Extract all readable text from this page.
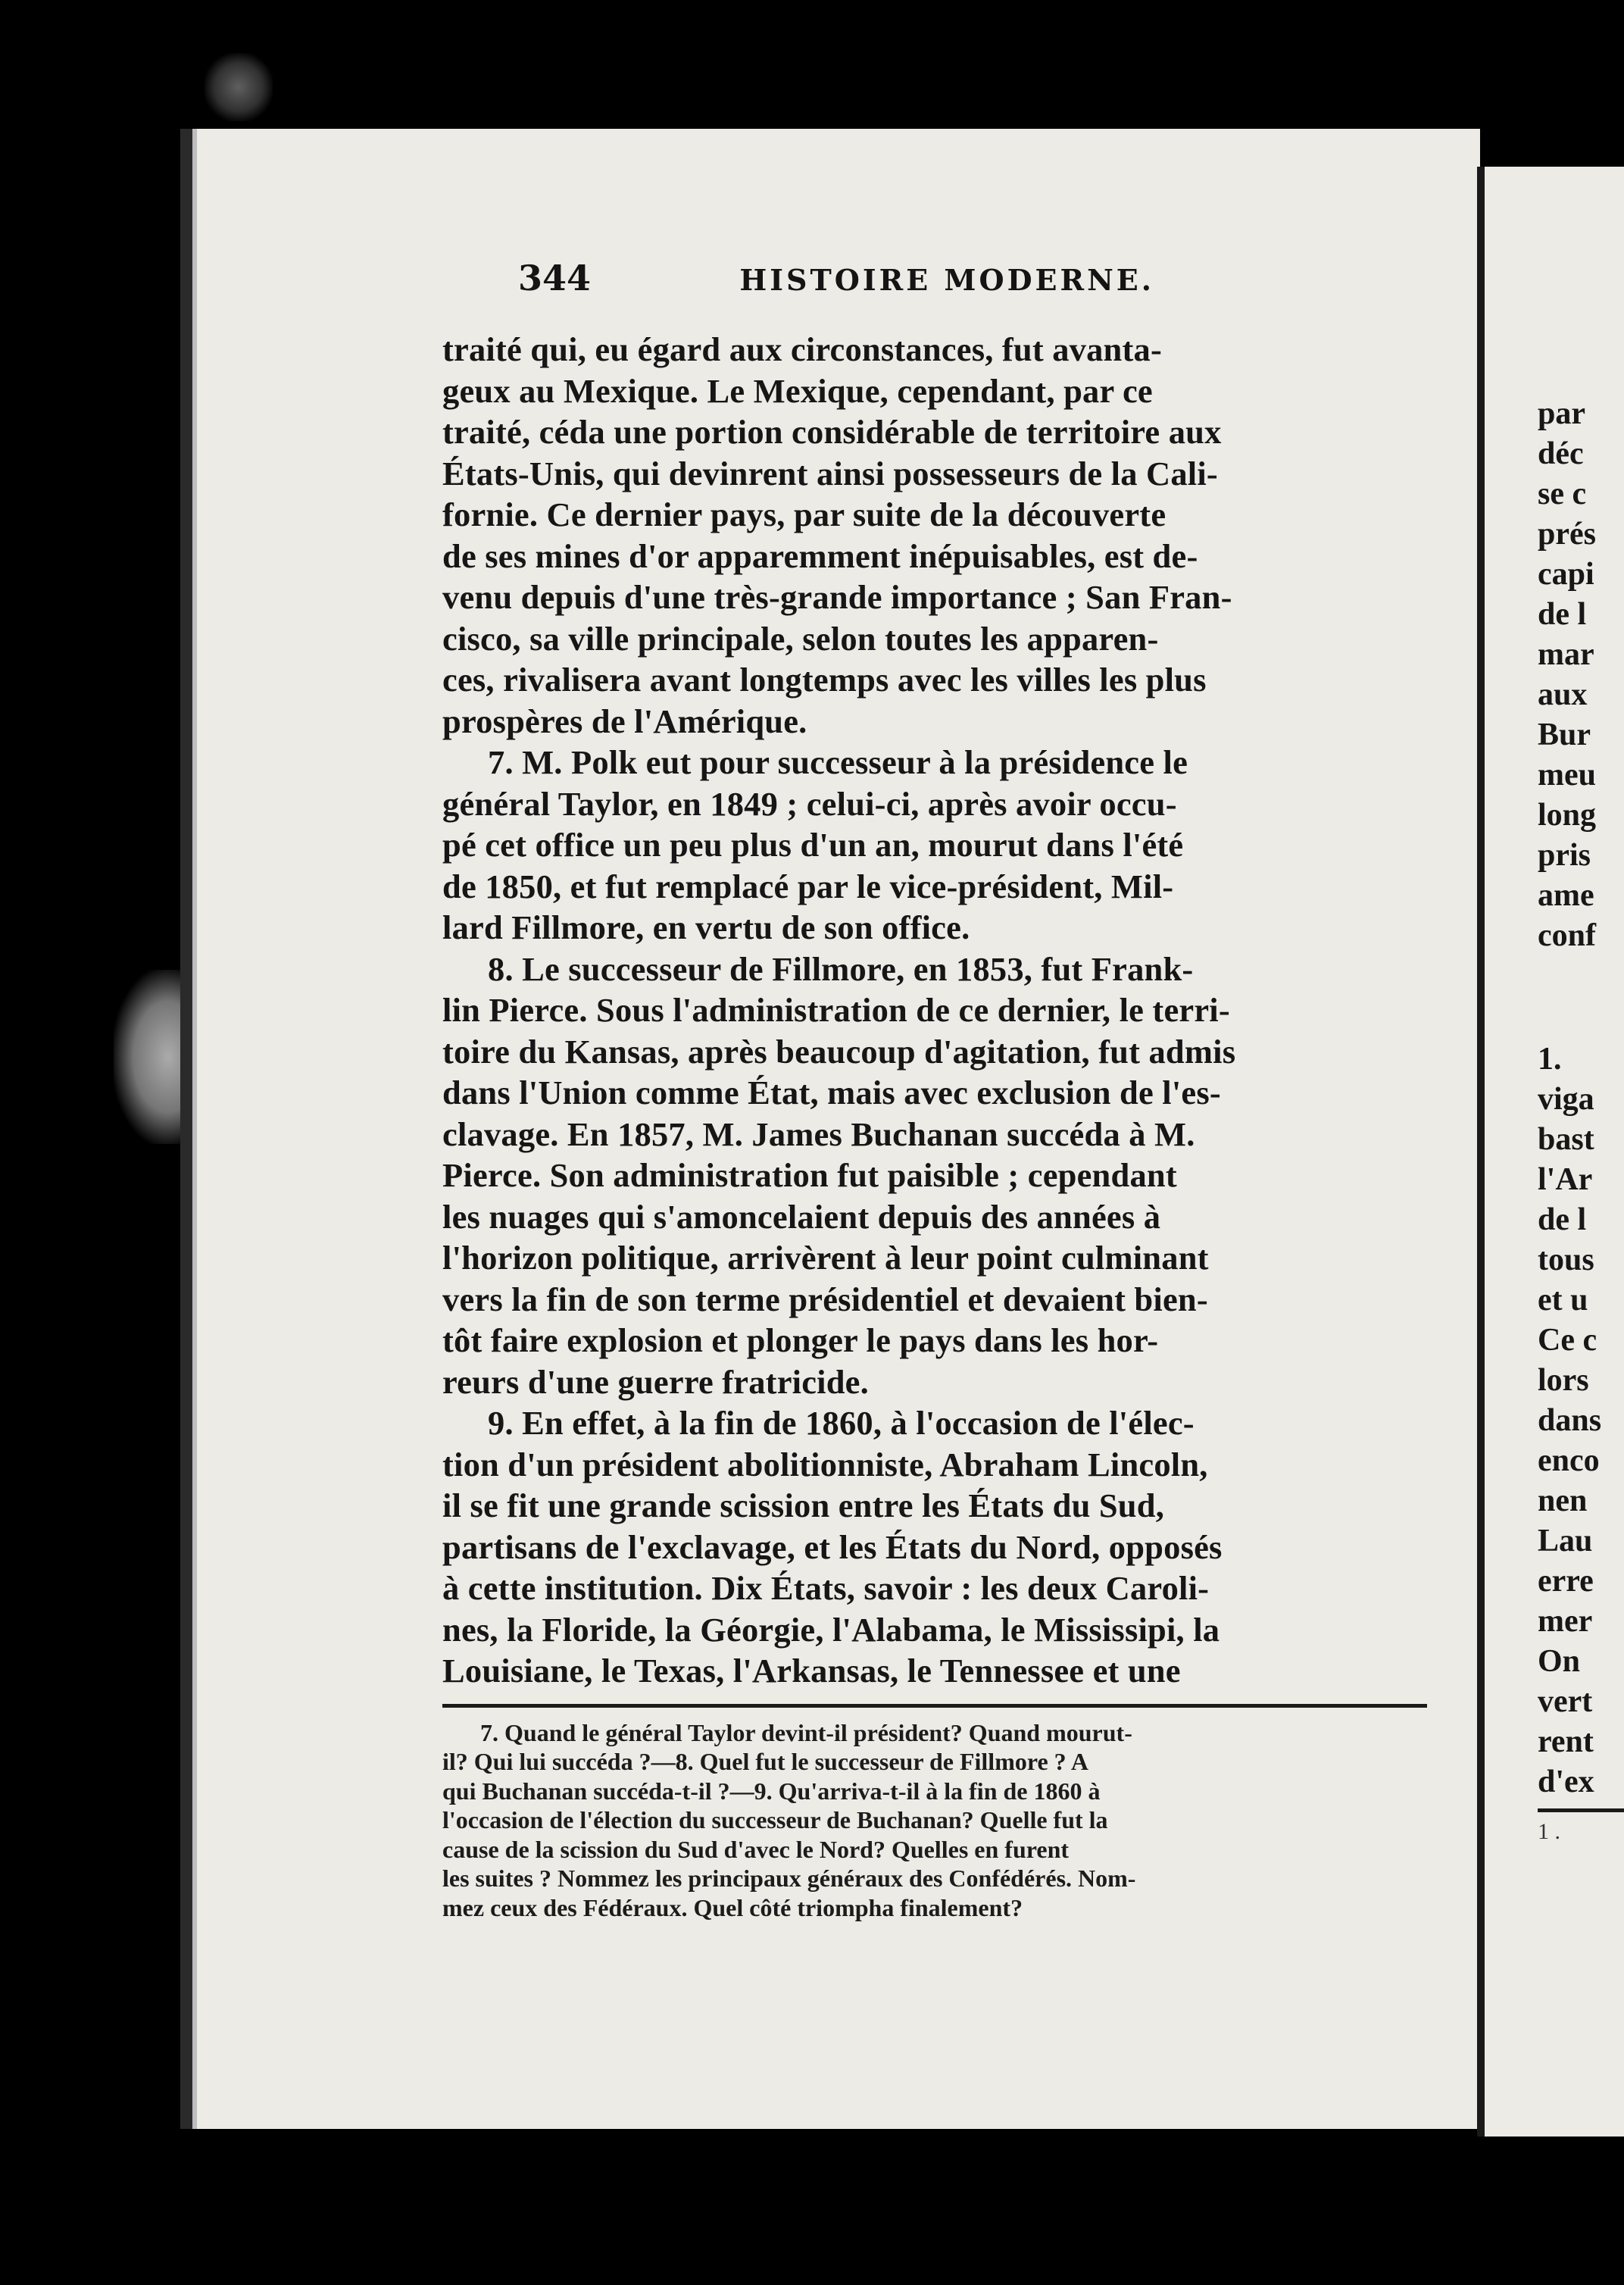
344	HISTOIRE MODERNE.

traité qui, eu égard aux circonstances, fut avanta-

geux au Mexique. Le Mexique, cependant, par ce

traité, céda une portion considérable de territoire aux

États-Unis, qui devinrent ainsi possesseurs de la Cali-

fornie. Ce dernier pays, par suite de la découverte

de ses mines d'or apparemment inépuisables, est de-

venu depuis d'une très-grande importance ; San Fran-

cisco, sa ville principale, selon toutes les apparen-

ces, rivalisera avant longtemps avec les villes les plus

prospères de l'Amérique.

7. M. Polk eut pour successeur à la présidence le

général Taylor, en 1849 ; celui-ci, après avoir occu-

pé cet office un peu plus d'un an, mourut dans l'été

de 1850, et fut remplacé par le vice-président, Mil-

lard Fillmore, en vertu de son office.

8. Le successeur de Fillmore, en 1853, fut Frank-

lin Pierce. Sous l'administration de ce dernier, le terri-

toire du Kansas, après beaucoup d'agitation, fut admis

dans l'Union comme État, mais avec exclusion de l'es-

clavage. En 1857, M. James Buchanan succéda à M.

Pierce. Son administration fut paisible ; cependant

les nuages qui s'amoncelaient depuis des années à

l'horizon politique, arrivèrent à leur point culminant

vers la fin de son terme présidentiel et devaient bien-

tôt faire explosion et plonger le pays dans les hor-

reurs d'une guerre fratricide.

9. En effet, à la fin de 1860, à l'occasion de l'élec-

tion d'un président abolitionniste, Abraham Lincoln,

il se fit une grande scission entre les États du Sud,

partisans de l'exclavage, et les États du Nord, opposés

à cette institution. Dix États, savoir : les deux Caroli-

nes, la Floride, la Géorgie, l'Alabama, le Mississipi, la

Louisiane, le Texas, l'Arkansas, le Tennessee et une

7. Quand le général Taylor devint-il président? Quand mourut-
il? Qui lui succéda ?—8. Quel fut le successeur de Fillmore ? A
qui Buchanan succéda-t-il ?—9. Qu'arriva-t-il à la fin de 1860 à
l'occasion de l'élection du successeur de Buchanan? Quelle fut la
cause de la scission du Sud d'avec le Nord? Quelles en furent
les suites ? Nommez les principaux généraux des Confédérés. Nom-
mez ceux des Fédéraux. Quel côté triompha finalement?
par
déc
se c
prés
capi
de l
mar
aux
Bur
meu
long
pris
ame
conf
1.
viga
bast
l'Ar
de l
tous
et u
Ce c
lors
dans
enco
nen
Lau
erre
mer
On
vert
rent
d'ex
1 .
